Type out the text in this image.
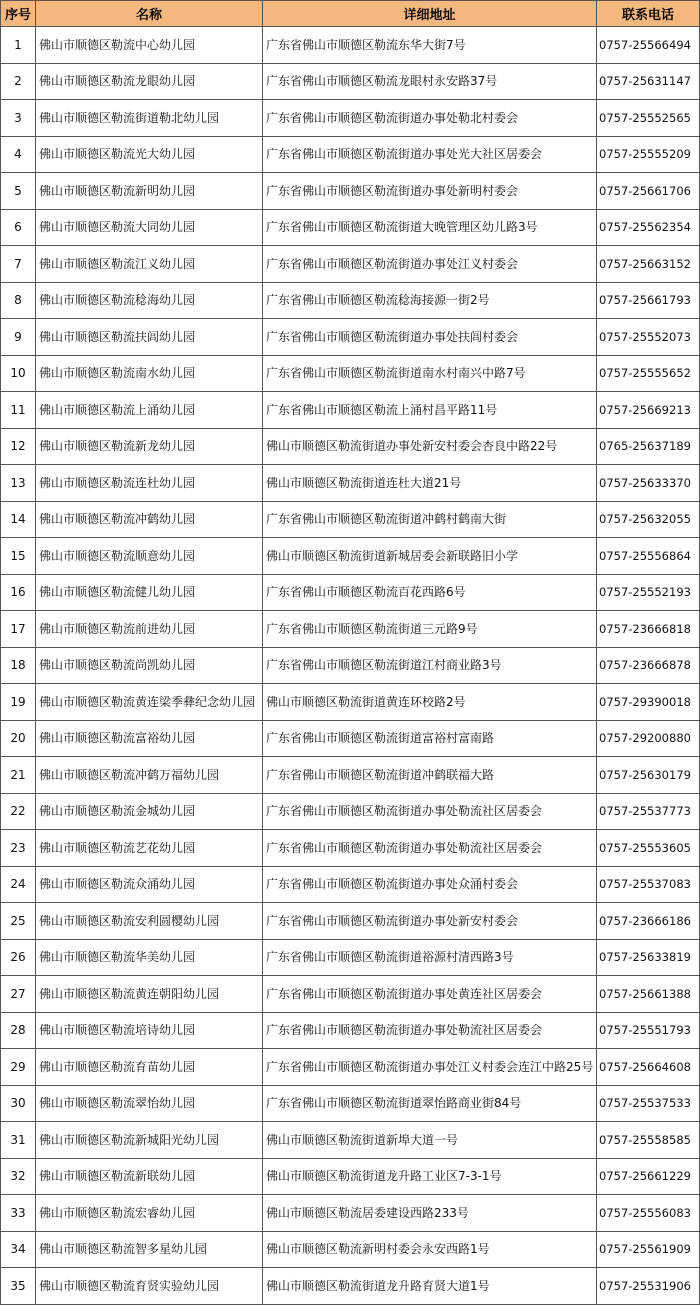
序号	名称	详细地址	联系电话
1	佛山市顺德区勒流中心幼儿园	广东省佛山市顺德区勒流东华大街7号	0757-25566494
2	佛山市顺德区勒流龙眼幼儿园	广东省佛山市顺德区勒流龙眼村永安路37号	0757-25631147
3	佛山市顺德区勒流街道勒北幼儿园	广东省佛山市顺德区勒流街道办事处勒北村委会	0757-25552565
4	佛山市顺德区勒流光大幼儿园	广东省佛山市顺德区勒流街道办事处光大社区居委会	0757-25555209
5	佛山市顺德区勒流新明幼儿园	广东省佛山市顺德区勒流街道办事处新明村委会	0757-25661706
6	佛山市顺德区勒流大同幼儿园	广东省佛山市顺德区勒流街道大晚管理区幼儿路3号	0757-25562354
7	佛山市顺德区勒流江义幼儿园	广东省佛山市顺德区勒流街道办事处江义村委会	0757-25663152
8	佛山市顺德区勒流稔海幼儿园	广东省佛山市顺德区勒流稔海接源一街2号	0757-25661793
9	佛山市顺德区勒流扶闾幼儿园	广东省佛山市顺德区勒流街道办事处扶闾村委会	0757-25552073
10	佛山市顺德区勒流南水幼儿园	广东省佛山市顺德区勒流街道南水村南兴中路7号	0757-25555652
11	佛山市顺德区勒流上涌幼儿园	广东省佛山市顺德区勒流上涌村昌平路11号	0757-25669213
12	佛山市顺德区勒流新龙幼儿园	佛山市顺德区勒流街道办事处新安村委会杏良中路22号	0765-25637189
13	佛山市顺德区勒流连杜幼儿园	佛山市顺德区勒流街道连杜大道21号	0757-25633370
14	佛山市顺德区勒流冲鹤幼儿园	广东省佛山市顺德区勒流街道冲鹤村鹤南大街	0757-25632055
15	佛山市顺德区勒流顺意幼儿园	佛山市顺德区勒流街道新城居委会新联路旧小学	0757-25556864
16	佛山市顺德区勒流健儿幼儿园	广东省佛山市顺德区勒流百花西路6号	0757-25552193
17	佛山市顺德区勒流前进幼儿园	广东省佛山市顺德区勒流街道三元路9号	0757-23666818
18	佛山市顺德区勒流尚凯幼儿园	广东省佛山市顺德区勒流街道江村商业路3号	0757-23666878
19	佛山市顺德区勒流黄连梁季彝纪念幼儿园	佛山市顺德区勒流街道黄连环校路2号	0757-29390018
20	佛山市顺德区勒流富裕幼儿园	广东省佛山市顺德区勒流街道富裕村富南路	0757-29200880
21	佛山市顺德区勒流冲鹤万福幼儿园	广东省佛山市顺德区勒流街道冲鹤联福大路	0757-25630179
22	佛山市顺德区勒流金城幼儿园	广东省佛山市顺德区勒流街道办事处勒流社区居委会	0757-25537773
23	佛山市顺德区勒流艺花幼儿园	广东省佛山市顺德区勒流街道办事处勒流社区居委会	0757-25553605
24	佛山市顺德区勒流众涌幼儿园	广东省佛山市顺德区勒流街道办事处众涌村委会	0757-25537083
25	佛山市顺德区勒流安利圆樱幼儿园	广东省佛山市顺德区勒流街道办事处新安村委会	0757-23666186
26	佛山市顺德区勒流华美幼儿园	广东省佛山市顺德区勒流街道裕源村清西路3号	0757-25633819
27	佛山市顺德区勒流黄连朝阳幼儿园	广东省佛山市顺德区勒流街道办事处黄连社区居委会	0757-25661388
28	佛山市顺德区勒流培诗幼儿园	广东省佛山市顺德区勒流街道办事处勒流社区居委会	0757-25551793
29	佛山市顺德区勒流育苗幼儿园	广东省佛山市顺德区勒流街道办事处江义村委会连江中路25号	0757-25664608
30	佛山市顺德区勒流翠怡幼儿园	广东省佛山市顺德区勒流街道翠怡路商业街84号	0757-25537533
31	佛山市顺德区勒流新城阳光幼儿园	佛山市顺德区勒流街道新埠大道一号	0757-25558585
32	佛山市顺德区勒流新联幼儿园	佛山市顺德区勒流街道龙升路工业区7-3-1号	0757-25661229
33	佛山市顺德区勒流宏睿幼儿园	佛山市顺德区勒流居委建设西路233号	0757-25556083
34	佛山市顺德区勒流智多星幼儿园	佛山市顺德区勒流新明村委会永安西路1号	0757-25561909
35	佛山市顺德区勒流育贤实验幼儿园	佛山市顺德区勒流街道龙升路育贤大道1号	0757-25531906
